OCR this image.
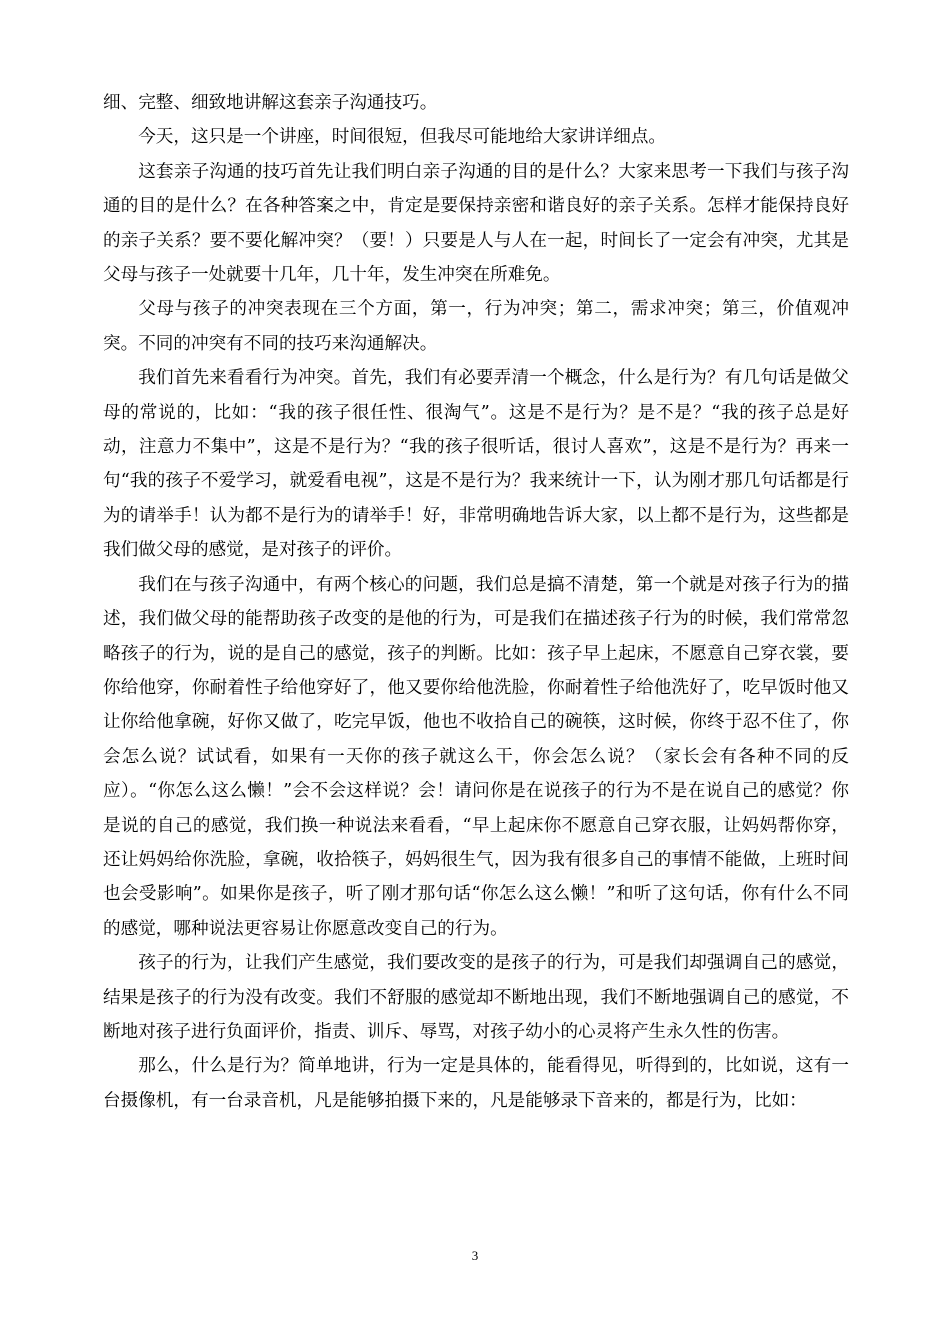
细、完整、细致地讲解这套亲子沟通技巧。

今天，这只是一个讲座，时间很短，但我尽可能地给大家讲详细点。

这套亲子沟通的技巧首先让我们明白亲子沟通的目的是什么？大家来思考一下我们与孩子沟通的目的是什么？在各种答案之中，肯定是要保持亲密和谐良好的亲子关系。怎样才能保持良好的亲子关系？要不要化解冲突？（要！）只要是人与人在一起，时间长了一定会有冲突，尤其是父母与孩子一处就要十几年，几十年，发生冲突在所难免。

父母与孩子的冲突表现在三个方面，第一，行为冲突；第二，需求冲突；第三，价值观冲突。不同的冲突有不同的技巧来沟通解决。

我们首先来看看行为冲突。首先，我们有必要弄清一个概念，什么是行为？有几句话是做父母的常说的，比如：“我的孩子很任性、很淘气”。这是不是行为？是不是？“我的孩子总是好动，注意力不集中”，这是不是行为？“我的孩子很听话，很讨人喜欢”，这是不是行为？再来一句“我的孩子不爱学习，就爱看电视”，这是不是行为？我来统计一下，认为刚才那几句话都是行为的请举手！认为都不是行为的请举手！好，非常明确地告诉大家，以上都不是行为，这些都是我们做父母的感觉，是对孩子的评价。

我们在与孩子沟通中，有两个核心的问题，我们总是搞不清楚，第一个就是对孩子行为的描述，我们做父母的能帮助孩子改变的是他的行为，可是我们在描述孩子行为的时候，我们常常忽略孩子的行为，说的是自己的感觉，孩子的判断。比如：孩子早上起床，不愿意自己穿衣裳，要你给他穿，你耐着性子给他穿好了，他又要你给他洗脸，你耐着性子给他洗好了，吃早饭时他又让你给他拿碗，好你又做了，吃完早饭，他也不收拾自己的碗筷，这时候，你终于忍不住了，你会怎么说？试试看，如果有一天你的孩子就这么干，你会怎么说？（家长会有各种不同的反应）。“你怎么这么懒！”会不会这样说？会！请问你是在说孩子的行为不是在说自己的感觉？你是说的自己的感觉，我们换一种说法来看看，“早上起床你不愿意自己穿衣服，让妈妈帮你穿，还让妈妈给你洗脸，拿碗，收拾筷子，妈妈很生气，因为我有很多自己的事情不能做，上班时间也会受影响”。如果你是孩子，听了刚才那句话“你怎么这么懒！”和听了这句话，你有什么不同的感觉，哪种说法更容易让你愿意改变自己的行为。

孩子的行为，让我们产生感觉，我们要改变的是孩子的行为，可是我们却强调自己的感觉，结果是孩子的行为没有改变。我们不舒服的感觉却不断地出现，我们不断地强调自己的感觉，不断地对孩子进行负面评价，指责、训斥、辱骂，对孩子幼小的心灵将产生永久性的伤害。

那么，什么是行为？简单地讲，行为一定是具体的，能看得见，听得到的，比如说，这有一台摄像机，有一台录音机，凡是能够拍摄下来的，凡是能够录下音来的，都是行为，比如：

3
